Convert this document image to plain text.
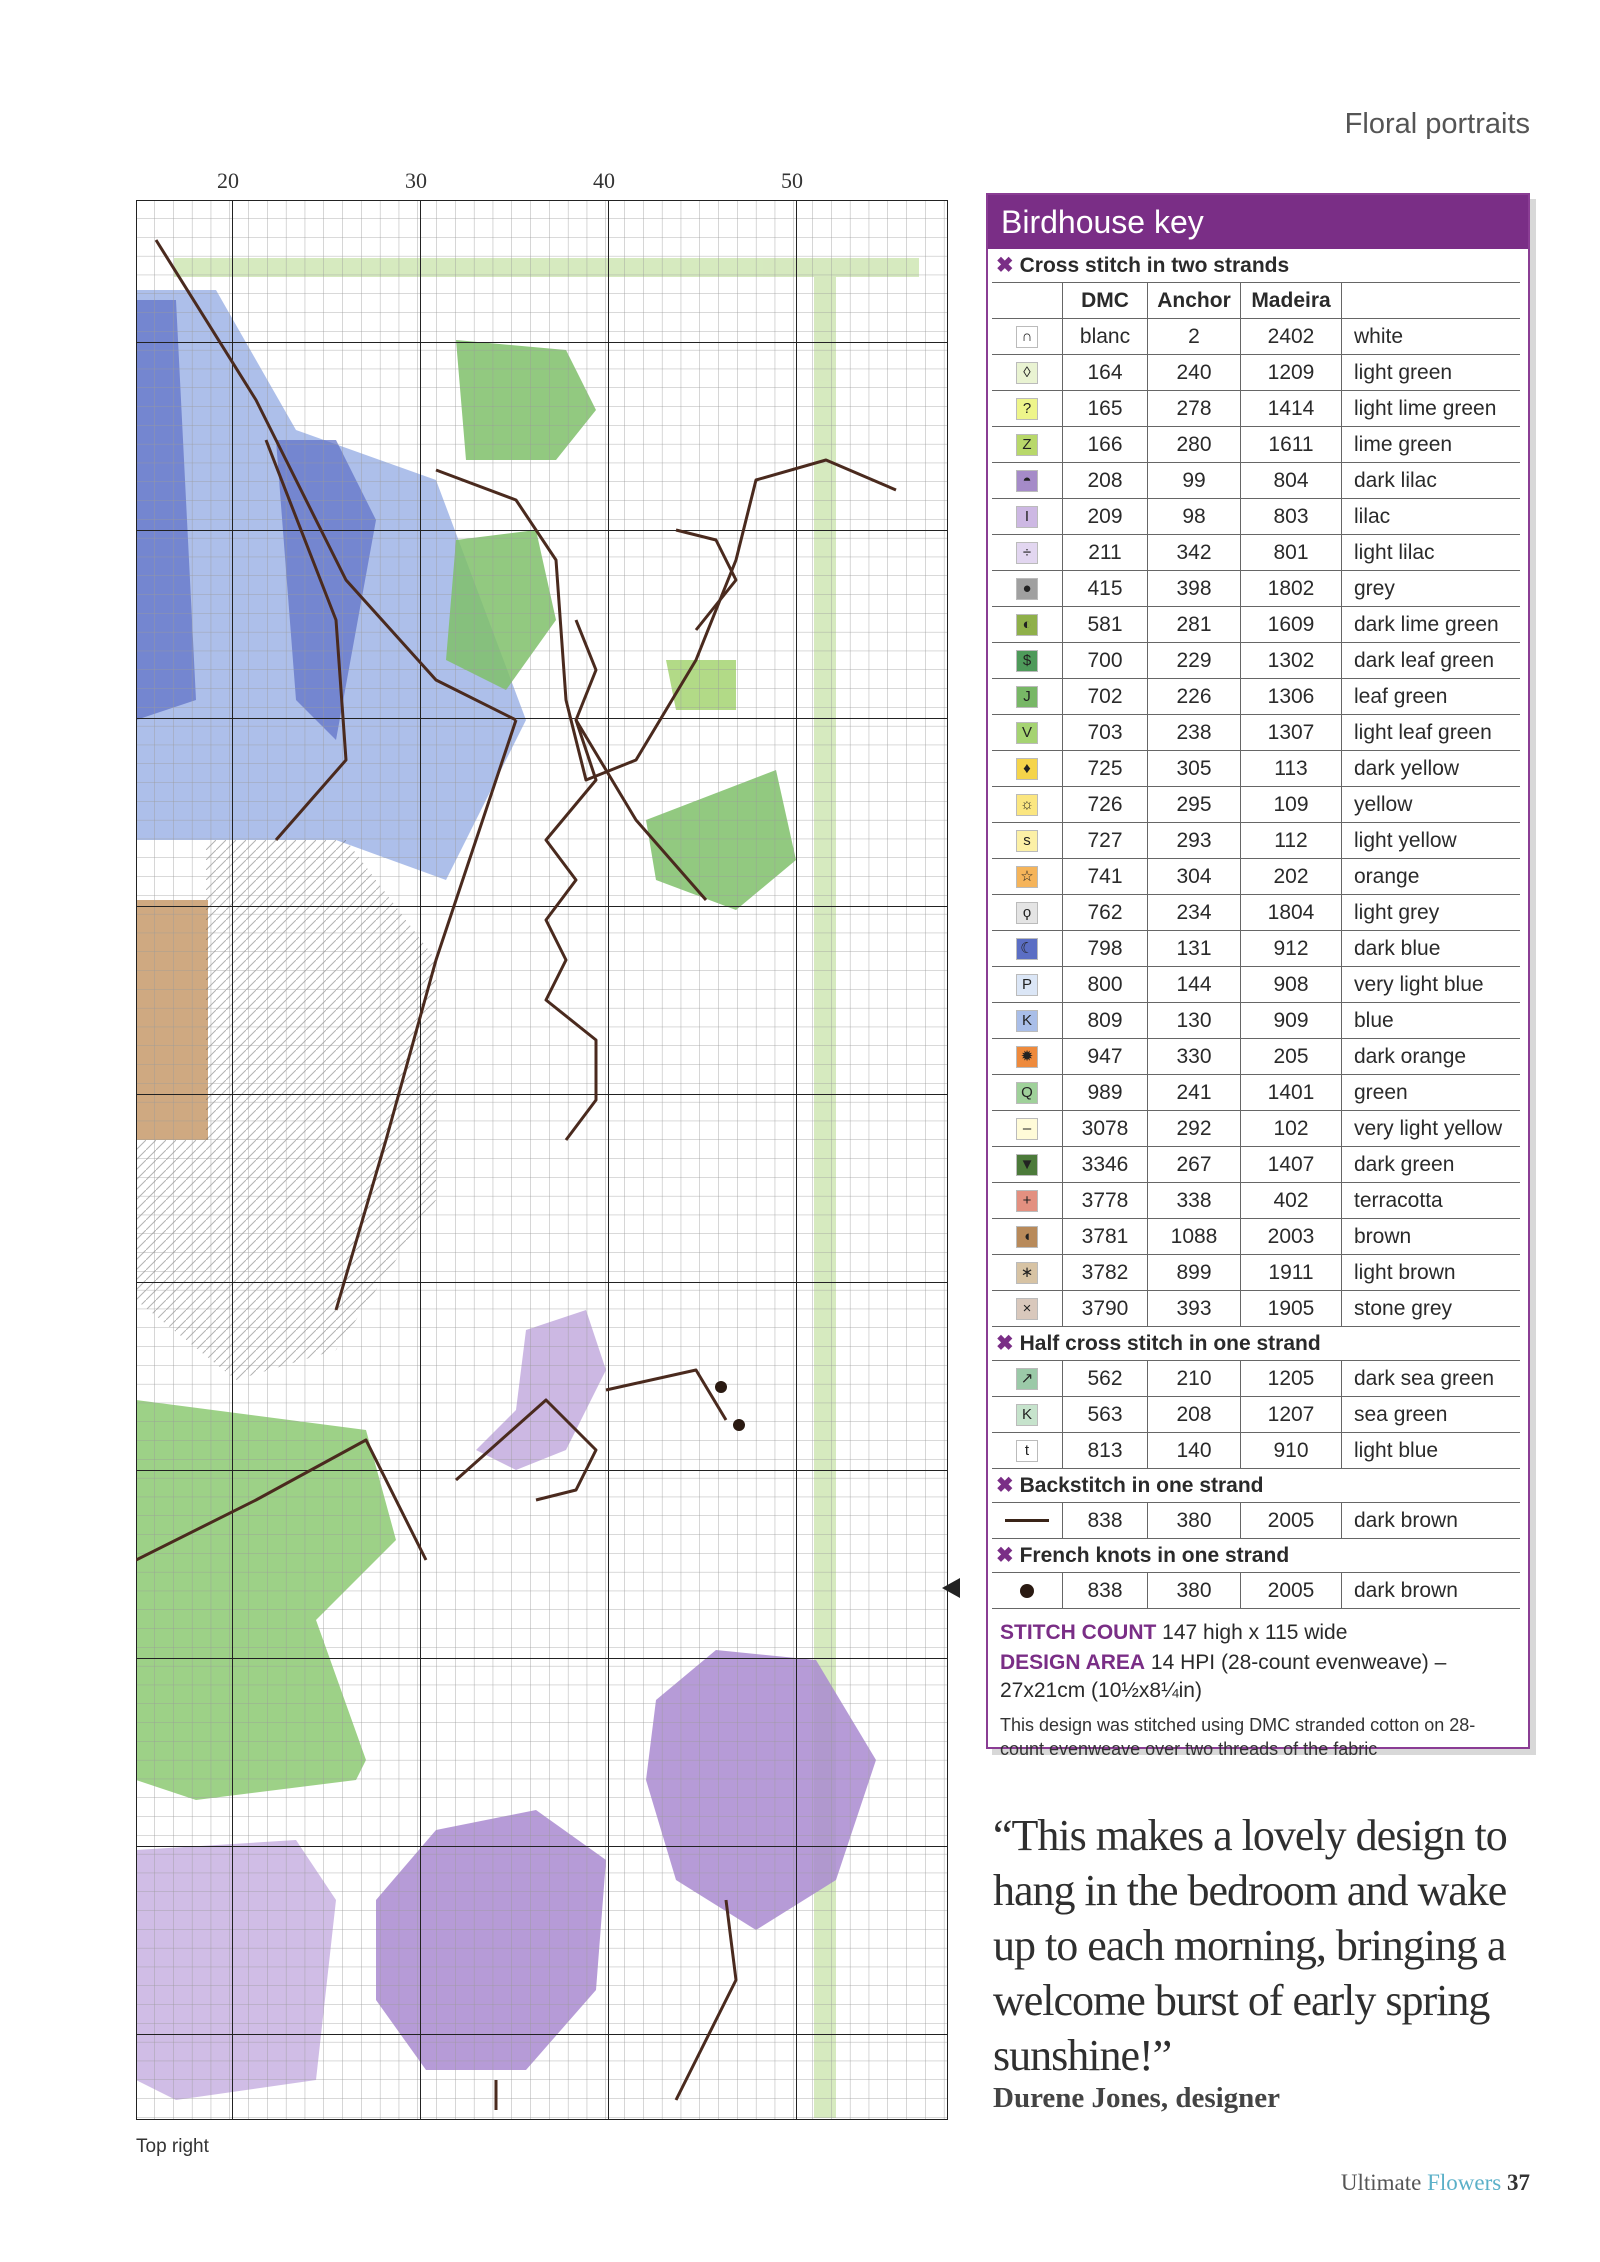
Floral portraits
20	30	40	50
Top right
Birdhouse key
✖ Cross stitch in two strands
DMC	Anchor Madeira
∩	blanc	2	2402	white
◊	164	240	1209	light green
?	165	278	1414	light lime green
Z	166	280	1611	lime green
◓	208	99	804	dark lilac
I	209	98	803	lilac
÷	211	342	801	light lilac
●	415	398	1802	grey
◐	581	281	1609	dark lime green
$	700	229	1302	dark leaf green
J	702	226	1306	leaf green
V	703	238	1307	light leaf green
♦	725	305	113	dark yellow
☼	726	295	109	yellow
s	727	293	112	light yellow
☆	741	304	202	orange
ϙ	762	234	1804	light grey
☾	798	131	912	dark blue
P	800	144	908	very light blue
K	809	130	909	blue
✹	947	330	205	dark orange
Q	989	241	1401	green
–	3078	292	102	very light yellow
▼	3346	267	1407	dark green
+	3778	338	402	terracotta
◖	3781	1088	2003	brown
∗	3782	899	1911	light brown
×	3790	393	1905	stone grey
✖ Half cross stitch in one strand
↗	562	210	1205	dark sea green
K	563	208	1207	sea green
t	813	140	910	light blue
✖ Backstitch in one strand
838	380	2005	dark brown
✖ French knots in one strand
838	380	2005	dark brown
STITCH COUNT 147 high x 115 wide
DESIGN AREA 14 HPI (28-count evenweave) – 27x21cm (10½x8¼in)
This design was stitched using DMC stranded cotton on 28-count evenweave over two threads of the fabric
“This makes a lovely design to hang in the bedroom and wake up to each morning, bringing a welcome burst of early spring sunshine!”
Durene Jones, designer
Ultimate Flowers 37
